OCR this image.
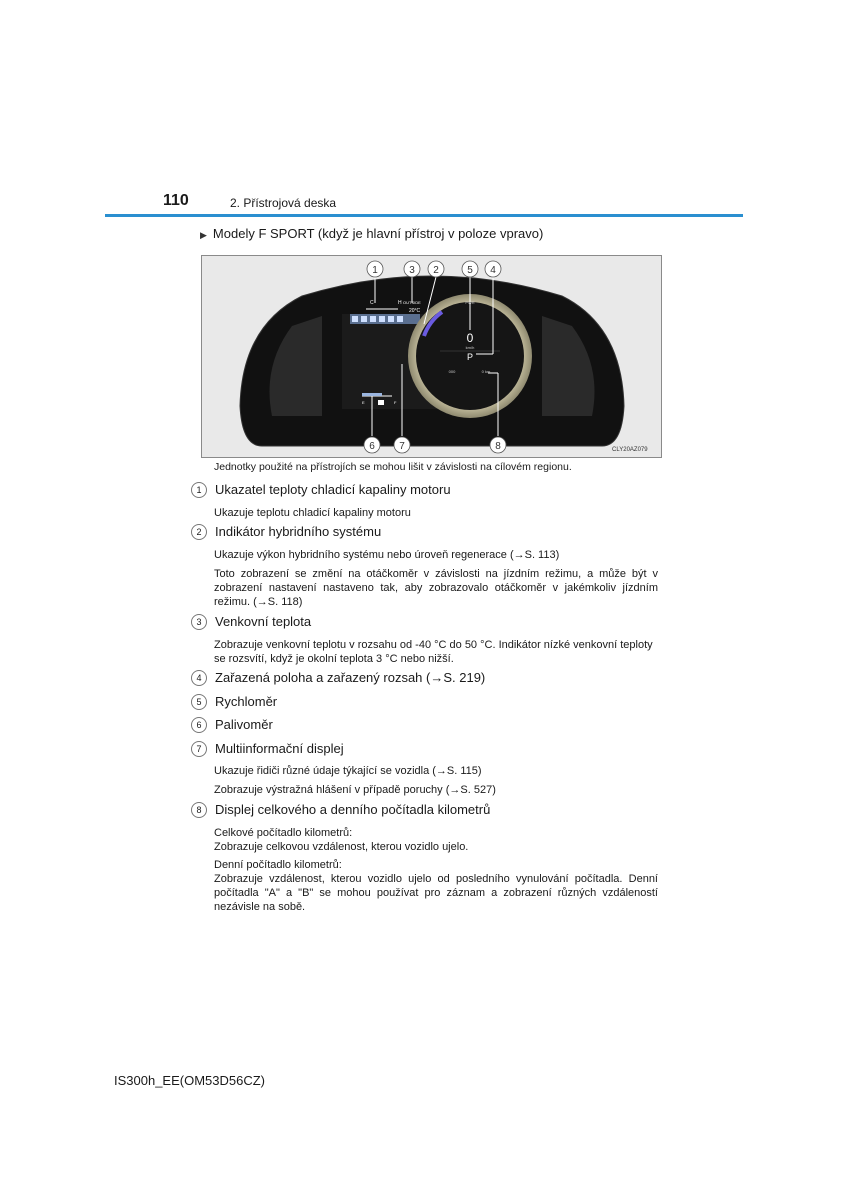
110	2. Přístrojová deska
▶ Modely F SPORT (když je hlavní přístroj v poloze vpravo)
C	H OUTSIDE
20°C
E	F
0
km/h
P
PWR
000	0 km
1	3 2	5 4
6 7	8	CLY20AZ079
Jednotky použité na přístrojích se mohou lišit v závislosti na cílovém regionu.
1 Ukazatel teploty chladicí kapaliny motoru
Ukazuje teplotu chladicí kapaliny motoru
2 Indikátor hybridního systému
Ukazuje výkon hybridního systému nebo úroveň regenerace (→S. 113)
Toto zobrazení se změní na otáčkoměr v závislosti na jízdním režimu, a může být v zobrazení nastavení nastaveno tak, aby zobrazovalo otáčkoměr v jakémkoliv jízdním režimu. (→S. 118)
3 Venkovní teplota
Zobrazuje venkovní teplotu v rozsahu od -40 °C do 50 °C. Indikátor nízké venkovní teploty se rozsvítí, když je okolní teplota 3 °C nebo nižší.
4 Zařazená poloha a zařazený rozsah (→S. 219)
5 Rychloměr
6 Palivoměr
7 Multiinformační displej
Ukazuje řidiči různé údaje týkající se vozidla (→S. 115)
Zobrazuje výstražná hlášení v případě poruchy (→S. 527)
8 Displej celkového a denního počítadla kilometrů
Celkové počítadlo kilometrů:
Zobrazuje celkovou vzdálenost, kterou vozidlo ujelo.
Denní počítadlo kilometrů:
Zobrazuje vzdálenost, kterou vozidlo ujelo od posledního vynulování počítadla. Denní počítadla "A" a "B" se mohou používat pro záznam a zobrazení různých vzdáleností nezávisle na sobě.
IS300h_EE(OM53D56CZ)
